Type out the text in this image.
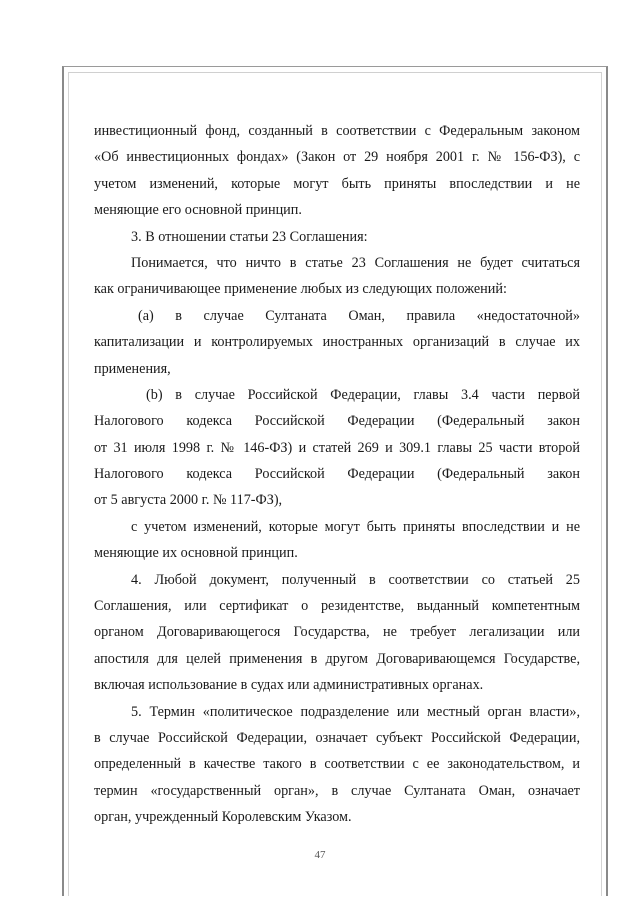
инвестиционный фонд, созданный в соответствии с Федеральным законом
«Об инвестиционных фондах» (Закон от 29 ноября 2001 г. № 156-ФЗ), с
учетом изменений, которые могут быть приняты впоследствии и не
меняющие его основной принцип.
3. В отношении статьи 23 Соглашения:
Понимается, что ничто в статье 23 Соглашения не будет считаться
как ограничивающее применение любых из следующих положений:
(a) в случае Султаната Оман, правила «недостаточной»
капитализации и контролируемых иностранных организаций в случае их
применения,
(b) в случае Российской Федерации, главы 3.4 части первой
Налогового кодекса Российской Федерации (Федеральный закон
от 31 июля 1998 г. № 146-ФЗ) и статей 269 и 309.1 главы 25 части второй
Налогового кодекса Российской Федерации (Федеральный закон
от 5 августа 2000 г. № 117-ФЗ),
с учетом изменений, которые могут быть приняты впоследствии и не
меняющие их основной принцип.
4. Любой документ, полученный в соответствии со статьей 25
Соглашения, или сертификат о резидентстве, выданный компетентным
органом Договаривающегося Государства, не требует легализации или
апостиля для целей применения в другом Договаривающемся Государстве,
включая использование в судах или административных органах.
5. Термин «политическое подразделение или местный орган власти»,
в случае Российской Федерации, означает субъект Российской Федерации,
определенный в качестве такого в соответствии с ее законодательством, и
термин «государственный орган», в случае Султаната Оман, означает
орган, учрежденный Королевским Указом.
47
